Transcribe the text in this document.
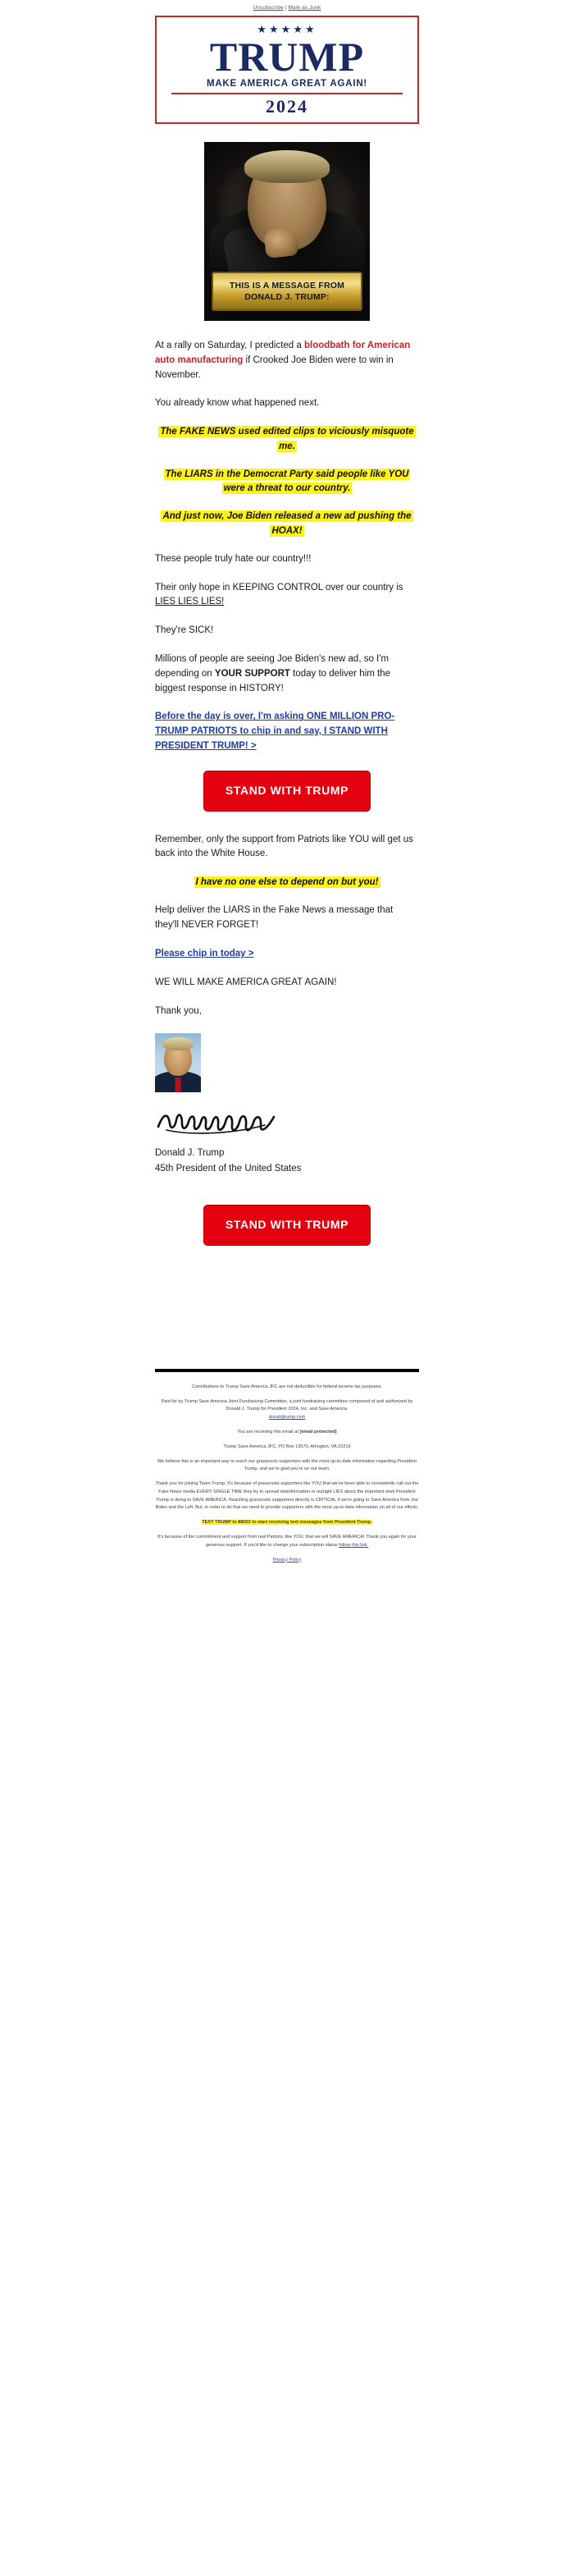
Unsubscribe | Mark as Junk
★★★★★
TRUMP
MAKE AMERICA GREAT AGAIN!
2024
THIS IS A MESSAGE FROM
DONALD J. TRUMP:

At a rally on Saturday, I predicted a bloodbath for American auto manufacturing if Crooked Joe Biden were to win in November.

You already know what happened next.

The FAKE NEWS used edited clips to viciously misquote me.
The LIARS in the Democrat Party said people like YOU were a threat to our country.
And just now, Joe Biden released a new ad pushing the HOAX!

These people truly hate our country!!!

Their only hope in KEEPING CONTROL over our country is LIES LIES LIES!

They're SICK!

Millions of people are seeing Joe Biden's new ad, so I'm depending on YOUR SUPPORT today to deliver him the biggest response in HISTORY!

Before the day is over, I'm asking ONE MILLION PRO-TRUMP PATRIOTS to chip in and say, I STAND WITH PRESIDENT TRUMP! >
STAND WITH TRUMP

Remember, only the support from Patriots like YOU will get us back into the White House.

I have no one else to depend on but you!

Help deliver the LIARS in the Fake News a message that they'll NEVER FORGET!

Please chip in today >

WE WILL MAKE AMERICA GREAT AGAIN!

Thank you,

Donald J. Trump
45th President of the United States
STAND WITH TRUMP

Contributions to Trump Save America JFC are not deductible for federal income tax purposes.

Paid for by Trump Save America Joint Fundraising Committee, a joint fundraising committee composed of and authorized by Donald J. Trump for President 2024, Inc. and Save America.
donaldjtrump.com

You are receiving this email at [email protected]

Trump Save America JFC, PO Box 13570, Arlington, VA 22219

We believe this is an important way to reach our grassroots supporters with the most up-to-date information regarding President Trump, and we're glad you're on our team.

Thank you for joining Team Trump. It's because of grassroots supporters like YOU that we've been able to consistently call out the Fake News media EVERY SINGLE TIME they try to spread misinformation or outright LIES about the important work President Trump is doing to SAVE AMERICA. Reaching grassroots supporters directly is CRITICAL if we're going to Save America from Joe Biden and the Left. But, in order to do that we need to provide supporters with the most up-to-date information on all of our efforts.

TEXT TRUMP to 88022 to start receiving text messages from President Trump.

It's because of the commitment and support from real Patriots, like YOU, that we will SAVE AMERICA! Thank you again for your generous support. If you'd like to change your subscription status follow this link.

Privacy Policy
